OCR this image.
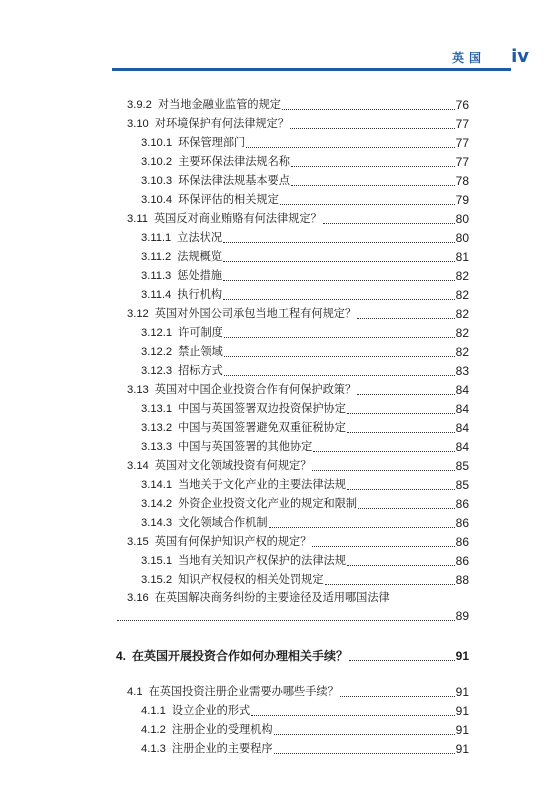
英国 iv
3.9.2 对当地金融业监管的规定	76
3.10 对环境保护有何法律规定？	77
3.10.1 环保管理部门	77
3.10.2 主要环保法律法规名称	77
3.10.3 环保法律法规基本要点	78
3.10.4 环保评估的相关规定	79
3.11 英国反对商业贿赂有何法律规定？	80
3.11.1 立法状况	80
3.11.2 法规概览	81
3.11.3 惩处措施	82
3.11.4 执行机构	82
3.12 英国对外国公司承包当地工程有何规定？	82
3.12.1 许可制度	82
3.12.2 禁止领域	82
3.12.3 招标方式	83
3.13 英国对中国企业投资合作有何保护政策？	84
3.13.1 中国与英国签署双边投资保护协定	84
3.13.2 中国与英国签署避免双重征税协定	84
3.13.3 中国与英国签署的其他协定	84
3.14 英国对文化领域投资有何规定？	85
3.14.1 当地关于文化产业的主要法律法规	85
3.14.2 外资企业投资文化产业的规定和限制	86
3.14.3 文化领域合作机制	86
3.15 英国有何保护知识产权的规定？	86
3.15.1 当地有关知识产权保护的法律法规	86
3.15.2 知识产权侵权的相关处罚规定	88
3.16 在英国解决商务纠纷的主要途径及适用哪国法律
89
4. 在英国开展投资合作如何办理相关手续？	91
4.1 在英国投资注册企业需要办哪些手续？	91
4.1.1 设立企业的形式	91
4.1.2 注册企业的受理机构	91
4.1.3 注册企业的主要程序	91
